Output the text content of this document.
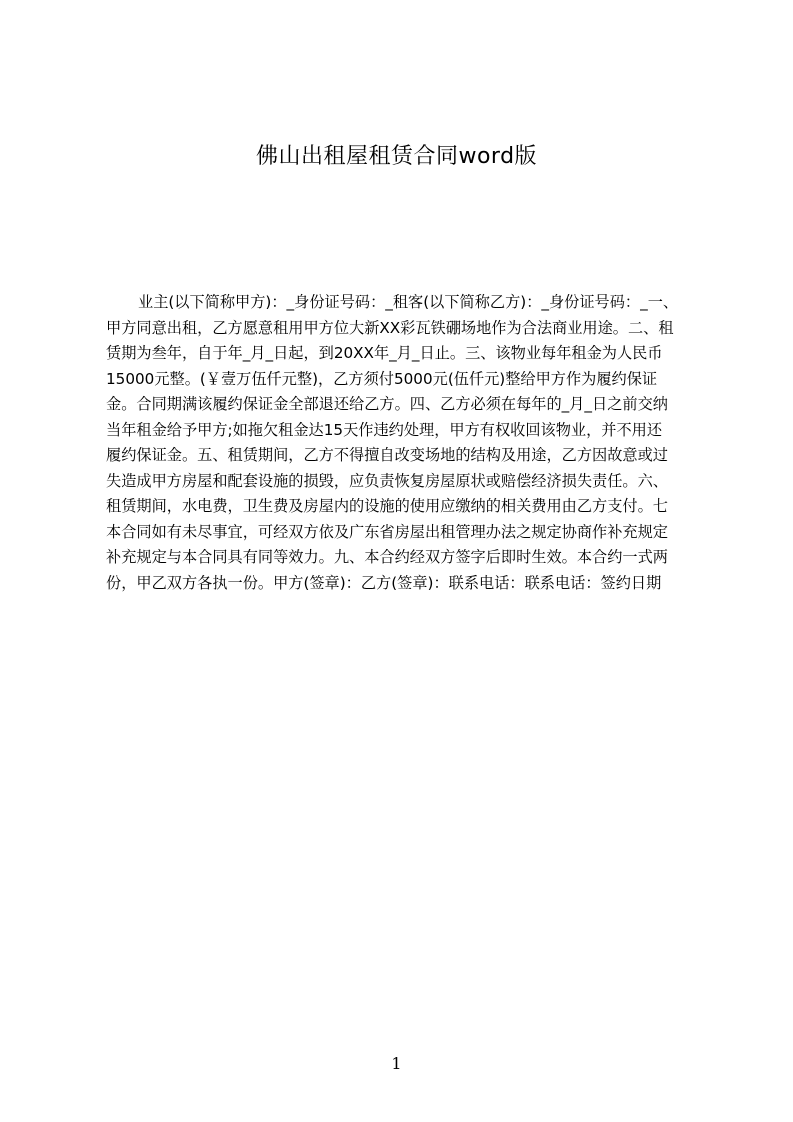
佛山出租屋租赁合同word版
业主(以下简称甲方)：_身份证号码：_租客(以下简称乙方)：_身份证号码：_一、
甲方同意出租，乙方愿意租用甲方位大新XX彩瓦铁硼场地作为合法商业用途。二、租
赁期为叁年，自于年_月_日起，到20XX年_月_日止。三、该物业每年租金为人民币
15000元整。(￥壹万伍仟元整)，乙方须付5000元(伍仟元)整给甲方作为履约保证
金。合同期满该履约保证金全部退还给乙方。四、乙方必须在每年的_月_日之前交纳
当年租金给予甲方;如拖欠租金达15天作违约处理，甲方有权收回该物业，并不用还
履约保证金。五、租赁期间，乙方不得擅自改变场地的结构及用途，乙方因故意或过
失造成甲方房屋和配套设施的损毁，应负责恢复房屋原状或赔偿经济损失责任。六、
租赁期间，水电费，卫生费及房屋内的设施的使用应缴纳的相关费用由乙方支付。七
本合同如有未尽事宜，可经双方依及广东省房屋出租管理办法之规定协商作补充规定
补充规定与本合同具有同等效力。九、本合约经双方签字后即时生效。本合约一式两
份，甲乙双方各执一份。甲方(签章)：乙方(签章)：联系电话：联系电话：签约日期
1
